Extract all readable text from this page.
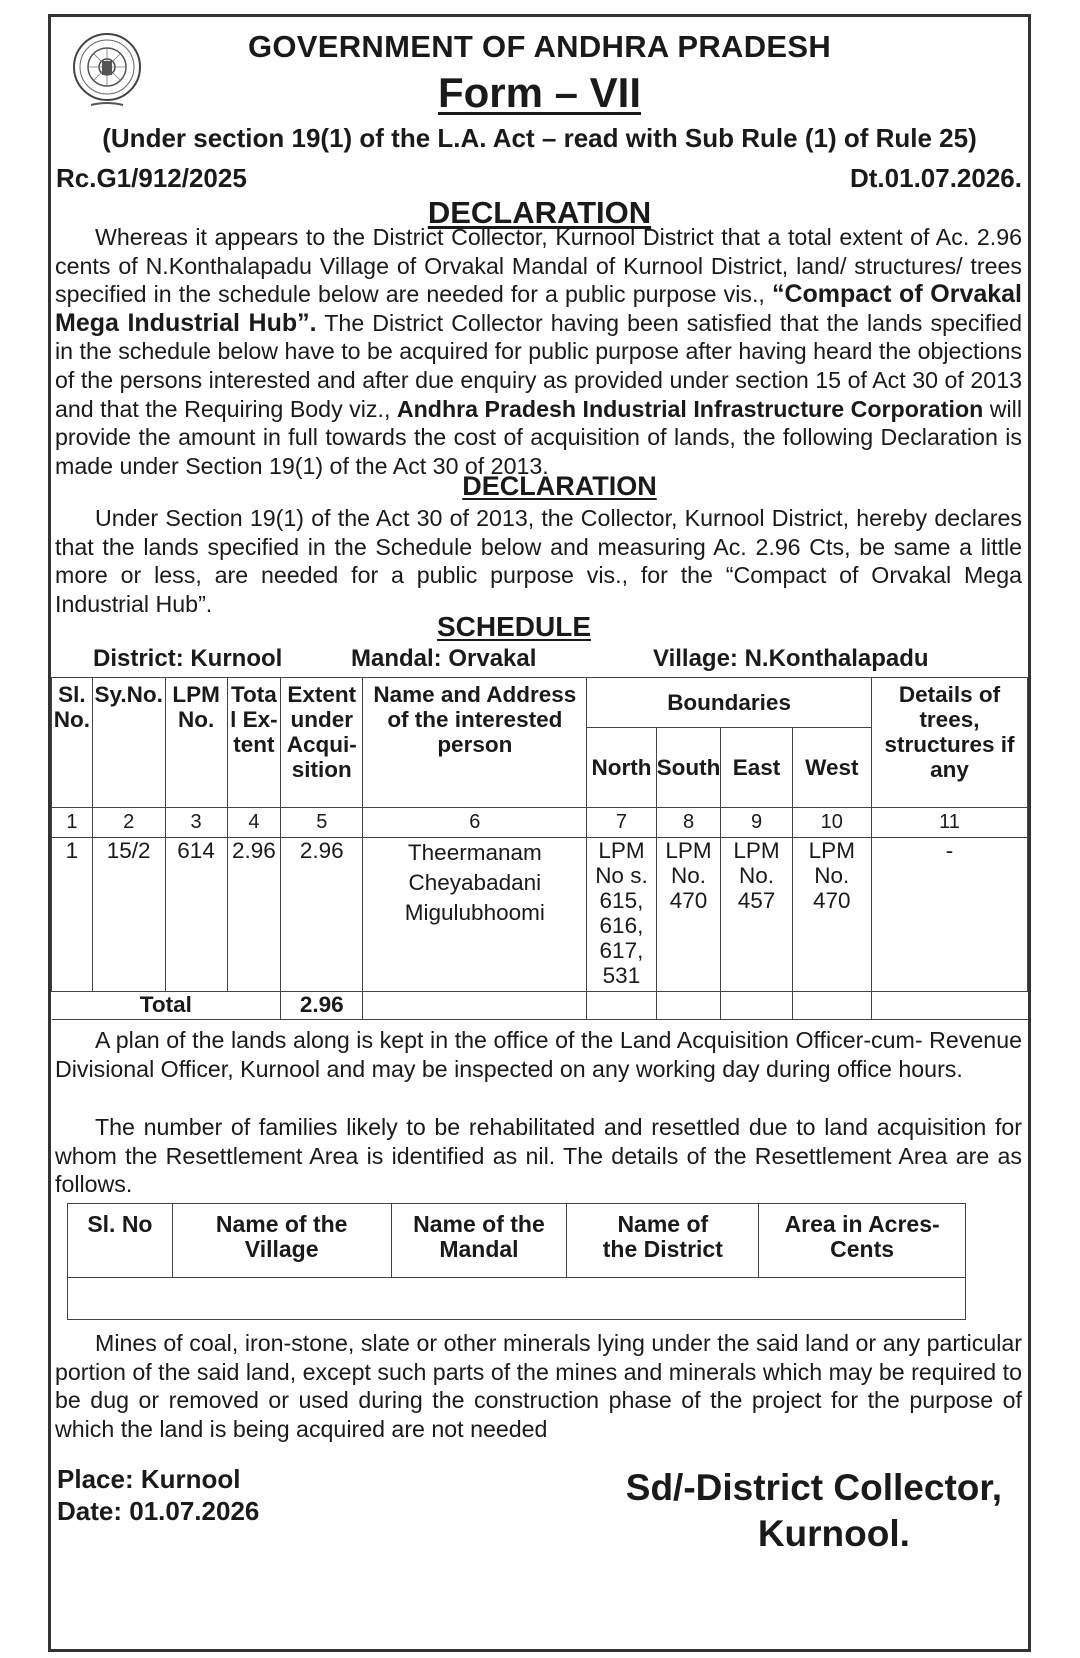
GOVERNMENT OF ANDHRA PRADESH
Form – VII
(Under section 19(1) of the L.A. Act – read with Sub Rule (1) of Rule 25)
Rc.G1/912/2025	Dt.01.07.2026.
DECLARATION
Whereas it appears to the District Collector, Kurnool District that a total extent of Ac. 2.96 cents of N.Konthalapadu Village of Orvakal Mandal of Kurnool District, land/ structures/ trees specified in the schedule below are needed for a public purpose vis., “Compact of Orvakal Mega Industrial Hub”. The District Collector having been satisfied that the lands specified in the schedule below have to be acquired for public purpose after having heard the objections of the persons interested and after due enquiry as provided under section 15 of Act 30 of 2013 and that the Requiring Body viz., Andhra Pradesh Industrial Infrastructure Corporation will provide the amount in full towards the cost of acquisition of lands, the following Declaration is made under Section 19(1) of the Act 30 of 2013.
DECLARATION
Under Section 19(1) of the Act 30 of 2013, the Collector, Kurnool District, hereby declares that the lands specified in the Schedule below and measuring Ac. 2.96 Cts, be same a little more or less, are needed for a public purpose vis., for the “Compact of Orvakal Mega Industrial Hub”.
SCHEDULE
District: Kurnool	Mandal: Orvakal	Village: N.Konthalapadu
Sl. No.	Sy.No.	LPM No.	Tota l Ex- tent	Extent under Acqui- sition	Name and Address of the interested person	Boundaries				Details of trees, structures if any
						North	South	East	West	
1	2	3	4	5	6	7	8	9	10	11
1	15/2	614	2.96	2.96	Theermanam Cheyabadani Migulubhoomi	LPM No s. 615, 616, 617, 531	LPM No. 470	LPM No. 457	LPM No. 470	-
Total				2.96						
A plan of the lands along is kept in the office of the Land Acquisition Officer-cum- Revenue Divisional Officer, Kurnool and may be inspected on any working day during office hours.
The number of families likely to be rehabilitated and resettled due to land acquisition for whom the Resettlement Area is identified as nil. The details of the Resettlement Area are as follows.
Sl. No	Name of the Village	Name of the Mandal	Name of the District	Area in Acres-Cents

Mines of coal, iron-stone, slate or other minerals lying under the said land or any particular portion of the said land, except such parts of the mines and minerals which may be required to be dug or removed or used during the construction phase of the project for the purpose of which the land is being acquired are not needed
Place: Kurnool
Date: 01.07.2026
Sd/-District Collector,
Kurnool.
